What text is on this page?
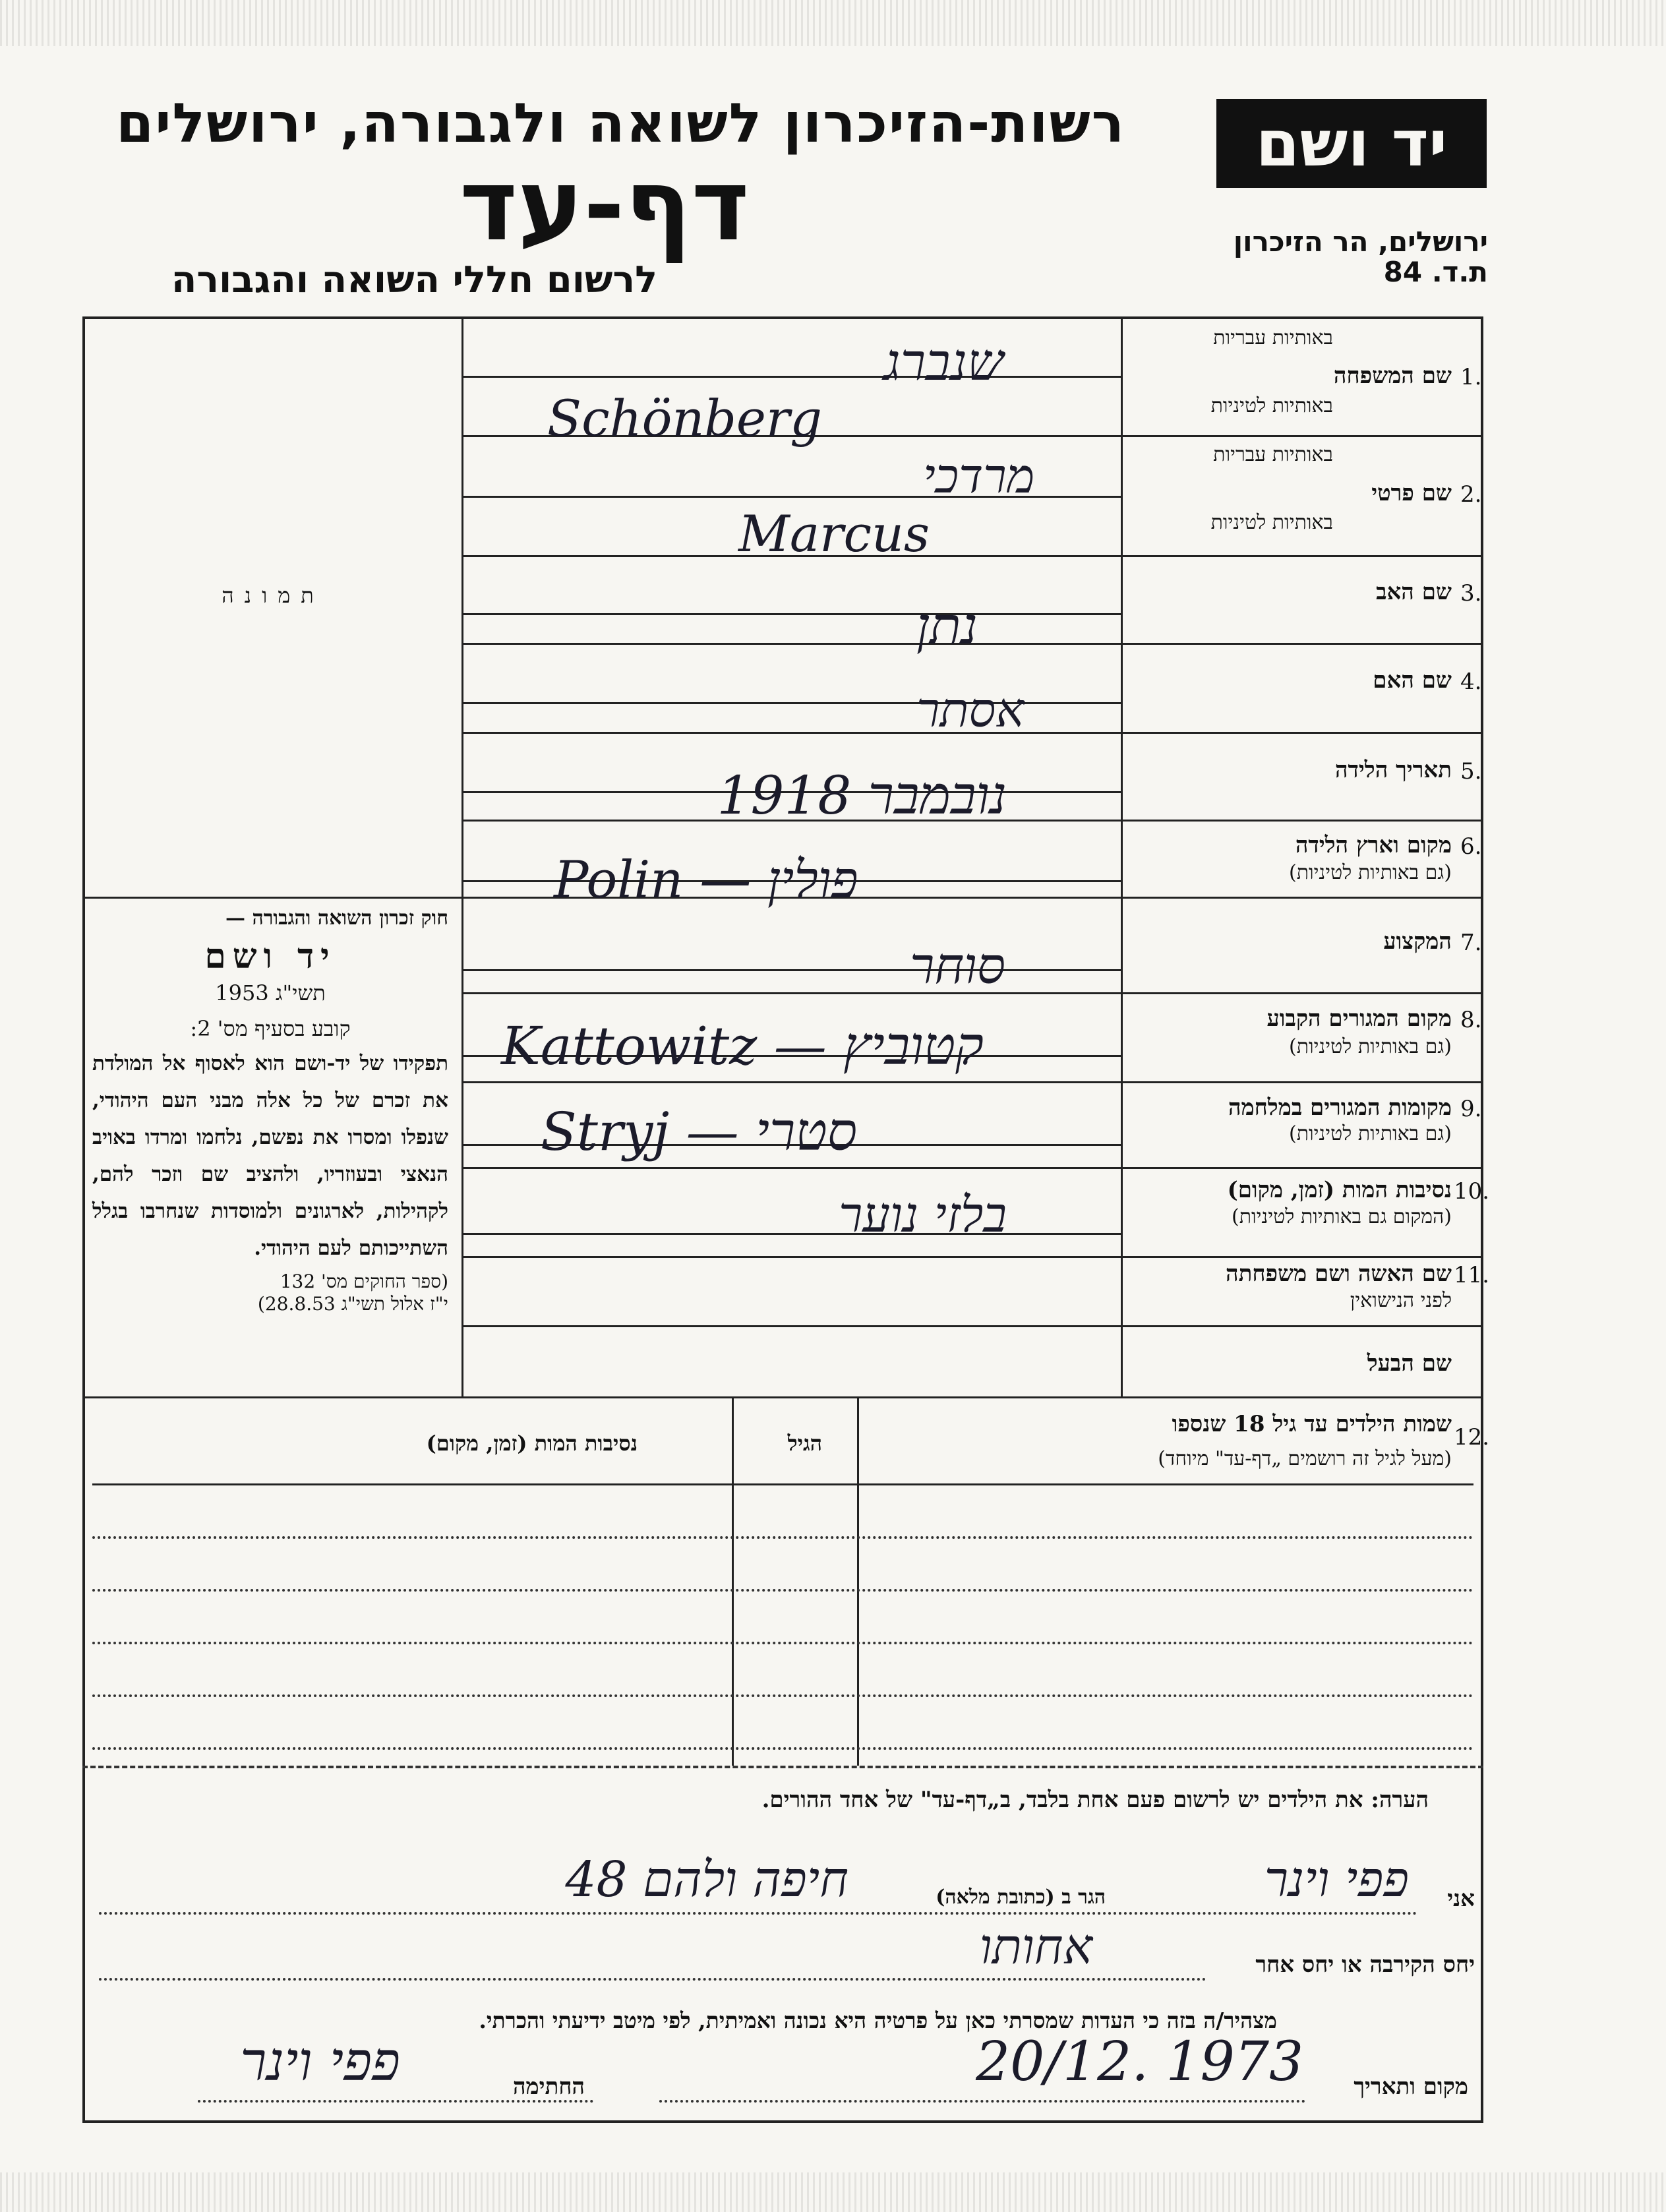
רשות-הזיכרון לשואה ולגבורה, ירושלים
דף-עד
לרשום חללי השואה והגבורה
יד ושם
ירושלים, הר הזיכרון
ת.ד. 84
באותיות עבריות
שם המשפחה 1.
באותיות לטיניות
באותיות עבריות
שם פרטי 2.
באותיות לטיניות
שם האב 3.
שם האם 4.
תאריך הלידה 5.
מקום וארץ הלידה 6.
(גם באותיות לטיניות)
המקצוע 7.
מקום המגורים הקבוע 8.
(גם באותיות לטיניות)
מקומות המגורים במלחמה 9.
(גם באותיות לטיניות)
נסיבות המות (זמן, מקום) 10.
(המקום גם באותיות לטיניות)
שם האשה ושם משפחתה 11.
לפני הנישואין
שם הבעל
שנברג
Schönberg
מרדכי
Marcus
נתן
אסתר
נובמבר 1918
Polin — פולין
סוחר
Kattowitz — קטוביץ
Stryj — סטרי
בלזי נוער
תמונה
חוק זכרון השואה והגבורה —
יד ושם
תשי"ג 1953
קובע בסעיף מס' 2:
תפקידו של יד-ושם הוא לאסוף אל המולדת את זכרם של כל אלה מבני העם היהודי, שנפלו ומסרו את נפשם, נלחמו ומרדו באויב הנאצי ובעוזריו, ולהציב שם וזכר להם, לקהילות, לארגונים ולמוסדות שנחרבו בגלל השתייכותם לעם היהודי.
(ספר החוקים מס' 132
י"ז אלול תשי"ג 28.8.53)
12.
שמות הילדים עד גיל 18 שנספו
(מעל לגיל זה רושמים „דף-עד" מיוחד)
הגיל
נסיבות המות (זמן, מקום)
הערה: את הילדים יש לרשום פעם אחת בלבד, ב„דף-עד" של אחד ההורים.
אני
פפי וינר
הגר ב (כתובת מלאה)
חיפה ולהם 48
יחס הקירבה או יחס אחר
אחותו
מצהיר/ה בזה כי העדות שמסרתי כאן על פרטיה היא נכונה ואמיתית, לפי מיטב ידיעתי והכרתי.
מקום ותאריך
20/12. 1973
החתימה
פפי וינר
